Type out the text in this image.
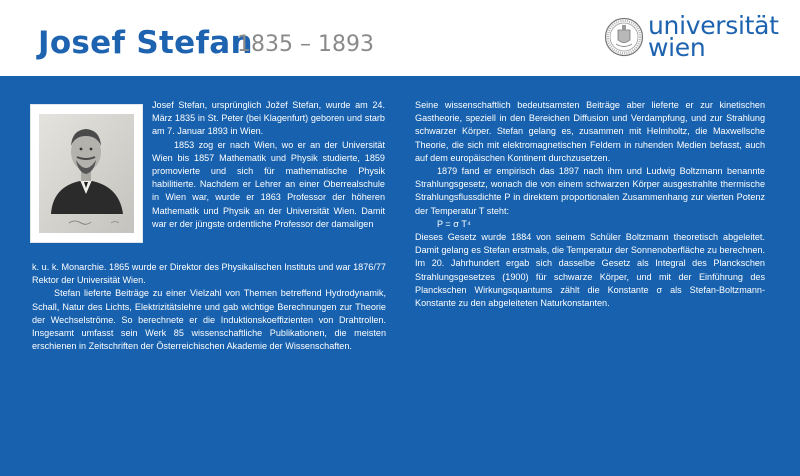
Josef Stefan
1835 – 1893
universität
wien

Josef Stefan, ursprünglich Jožef Stefan, wurde am 24. März 1835 in St. Peter (bei Klagenfurt) geboren und starb am 7. Januar 1893 in Wien.

1853 zog er nach Wien, wo er an der Universität Wien bis 1857 Mathematik und Physik studierte, 1859 promovierte und sich für mathematische Physik habilitierte. Nachdem er Lehrer an einer Oberrealschule in Wien war, wurde er 1863 Professor der höheren Mathematik und Physik an der Universität Wien. Damit war er der jüngste ordentliche Professor der damaligen

k. u. k. Monarchie. 1865 wurde er Direktor des Physikalischen Instituts und war 1876/77 Rektor der Universität Wien.

Stefan lieferte Beiträge zu einer Vielzahl von Themen betreffend Hydrodynamik, Schall, Natur des Lichts, Elektrizitätslehre und gab wichtige Berechnungen zur Theorie der Wechselströme. So berechnete er die Induktionskoeffizienten von Drahtrollen. Insgesamt umfasst sein Werk 85 wissenschaftliche Publikationen, die meisten erschienen in Zeitschriften der Österreichischen Akademie der Wissenschaften.

Seine wissenschaftlich bedeutsamsten Beiträge aber lieferte er zur kinetischen Gastheorie, speziell in den Bereichen Diffusion und Verdampfung, und zur Strahlung schwarzer Körper. Stefan gelang es, zusammen mit Helmholtz, die Maxwellsche Theorie, die sich mit elektromagnetischen Feldern in ruhenden Medien befasst, auch auf dem europäischen Kontinent durchzusetzen.

1879 fand er empirisch das 1897 nach ihm und Ludwig Boltzmann benannte Strahlungsgesetz, wonach die von einem schwarzen Körper ausgestrahlte thermische Strahlungsflussdichte P in direktem proportionalen Zusammenhang zur vierten Potenz der Temperatur T steht:

P = σ T⁴

Dieses Gesetz wurde 1884 von seinem Schüler Boltzmann theoretisch abgeleitet. Damit gelang es Stefan erstmals, die Temperatur der Sonnenoberfläche zu berechnen. Im 20. Jahrhundert ergab sich dasselbe Gesetz als Integral des Planckschen Strahlungsgesetzes (1900) für schwarze Körper, und mit der Einführung des Planckschen Wirkungsquantums zählt die Konstante σ als Stefan-Boltzmann-Konstante zu den abgeleiteten Naturkonstanten.
